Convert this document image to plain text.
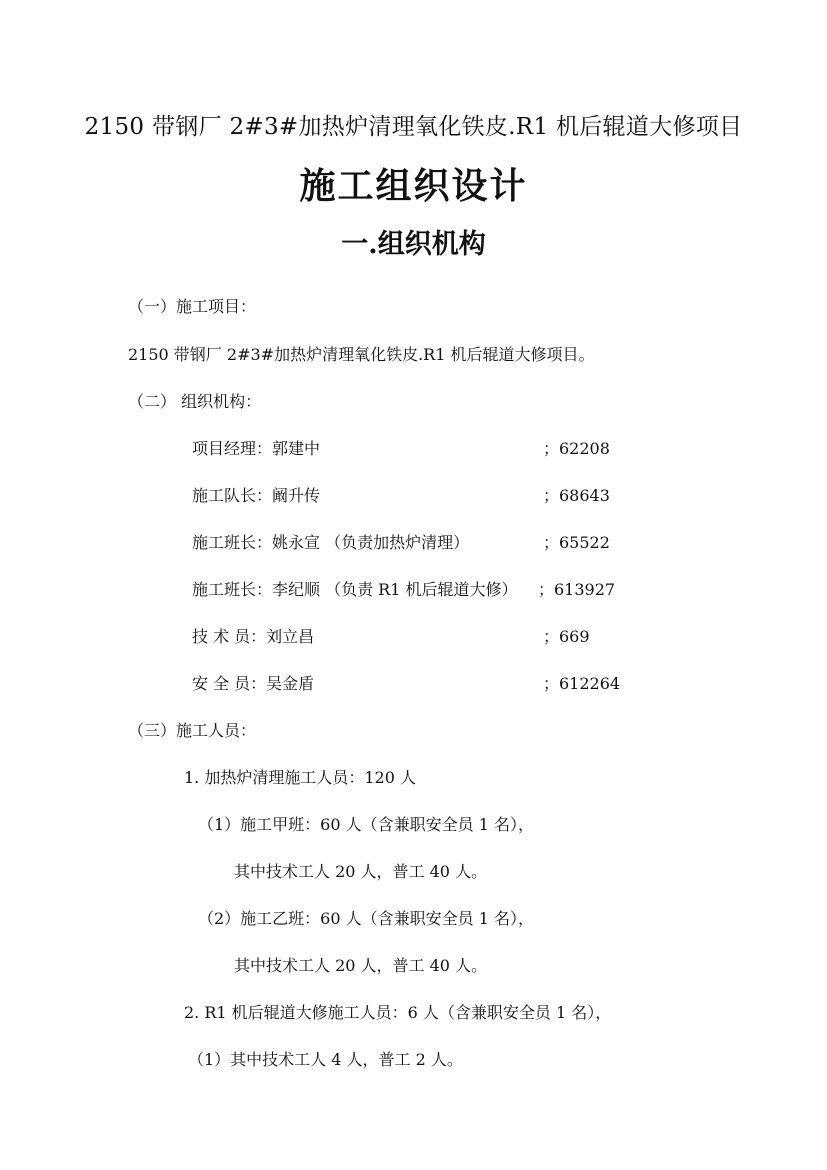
2150 带钢厂 2#3#加热炉清理氧化铁皮.R1 机后辊道大修项目
施工组织设计
一.组织机构
（一）施工项目：
2150 带钢厂 2#3#加热炉清理氧化铁皮.R1 机后辊道大修项目。
（二） 组织机构：
项目经理：郭建中	；62208
施工队长：阚升传	；68643
施工班长：姚永宣 （负责加热炉清理）	；65522
施工班长：李纪顺 （负责 R1 机后辊道大修） ；613927
技 术 员：刘立昌	；669
安 全 员：吴金盾	；612264
（三）施工人员：
1. 加热炉清理施工人员：120 人
（1）施工甲班：60 人（含兼职安全员 1 名），
其中技术工人 20 人，普工 40 人。
（2）施工乙班：60 人（含兼职安全员 1 名），
其中技术工人 20 人，普工 40 人。
2. R1 机后辊道大修施工人员：6 人（含兼职安全员 1 名），
（1）其中技术工人 4 人，普工 2 人。
